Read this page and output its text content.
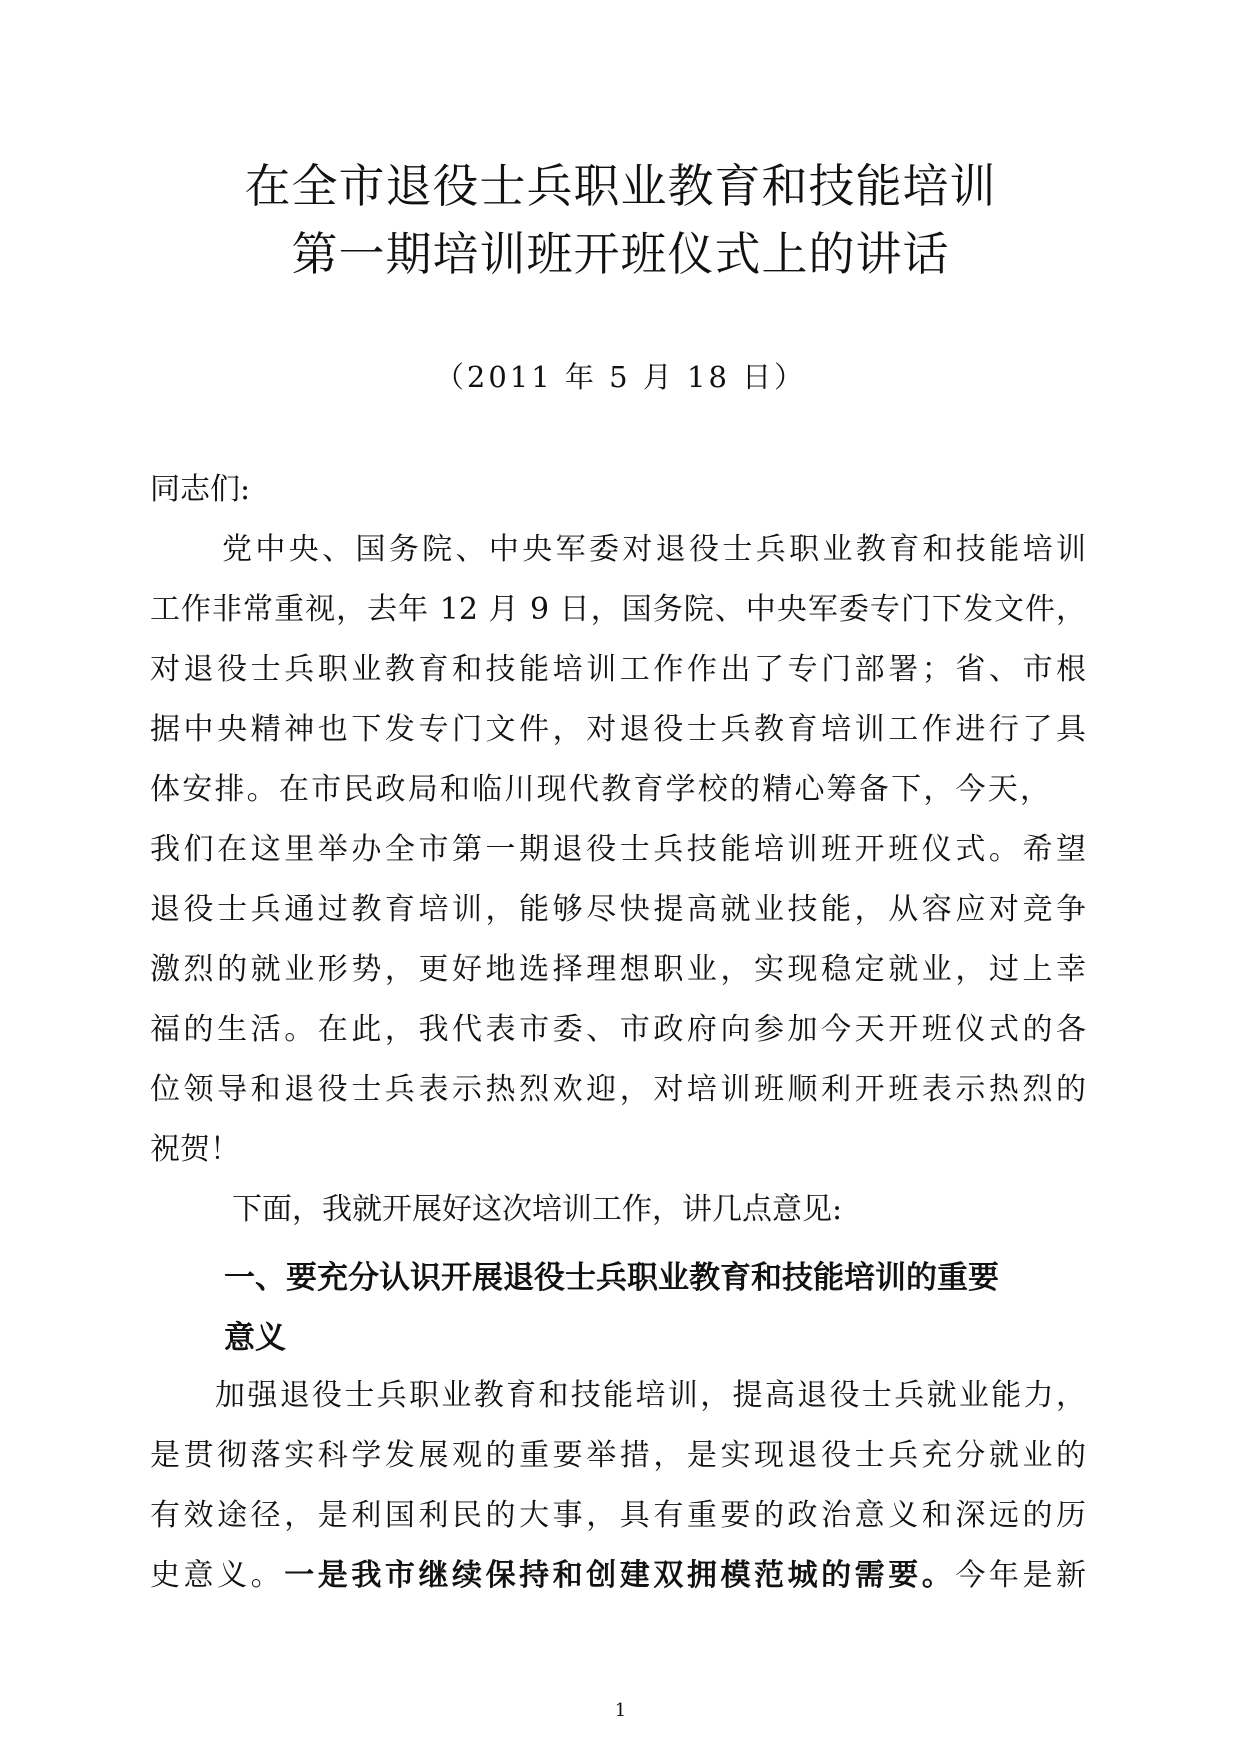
在全市退役士兵职业教育和技能培训
第一期培训班开班仪式上的讲话
（2011 年 5 月 18 日）
同志们:
党中央、国务院、中央军委对退役士兵职业教育和技能培训
工作非常重视，去年 12 月 9 日，国务院、中央军委专门下发文件，
对退役士兵职业教育和技能培训工作作出了专门部署；省、市根
据中央精神也下发专门文件，对退役士兵教育培训工作进行了具
体安排。在市民政局和临川现代教育学校的精心筹备下，今天，
我们在这里举办全市第一期退役士兵技能培训班开班仪式。希望
退役士兵通过教育培训，能够尽快提高就业技能，从容应对竞争
激烈的就业形势，更好地选择理想职业，实现稳定就业，过上幸
福的生活。在此，我代表市委、市政府向参加今天开班仪式的各
位领导和退役士兵表示热烈欢迎，对培训班顺利开班表示热烈的
祝贺！
下面，我就开展好这次培训工作，讲几点意见:
一、要充分认识开展退役士兵职业教育和技能培训的重要
意义
加强退役士兵职业教育和技能培训，提高退役士兵就业能力，
是贯彻落实科学发展观的重要举措，是实现退役士兵充分就业的
有效途径，是利国利民的大事，具有重要的政治意义和深远的历
史意义。一是我市继续保持和创建双拥模范城的需要。今年是新
1
